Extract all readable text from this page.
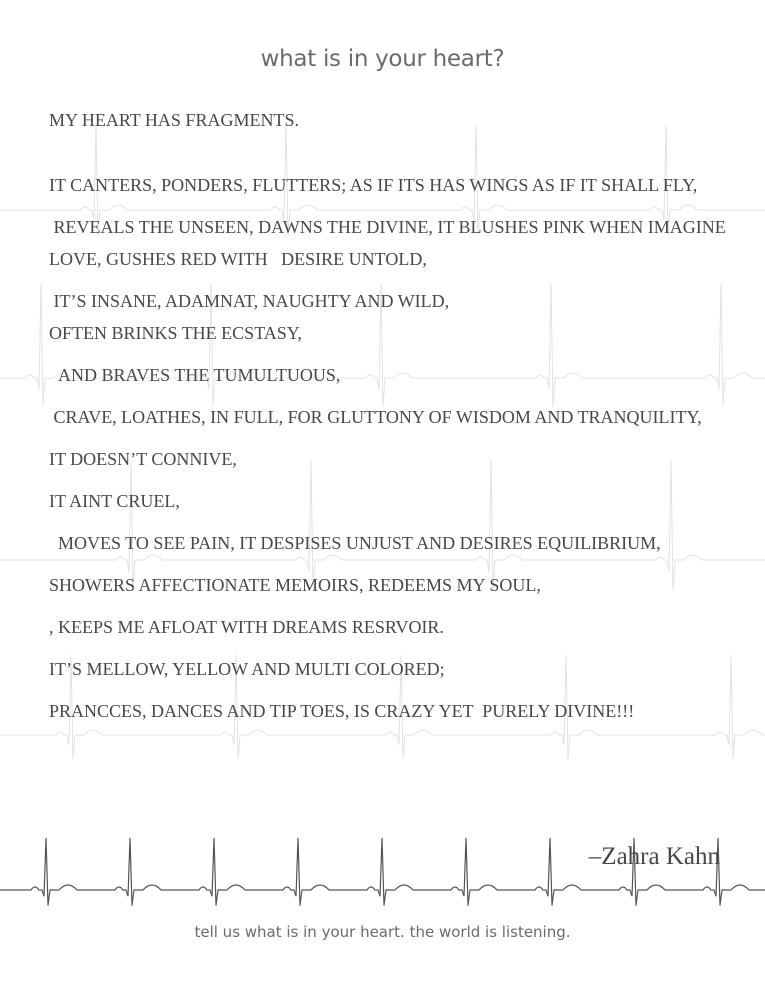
what is in your heart?

MY HEART HAS FRAGMENTS.

IT CANTERS, PONDERS, FLUTTERS; AS IF ITS HAS WINGS AS IF IT SHALL FLY,

REVEALS THE UNSEEN, DAWNS THE DIVINE, IT BLUSHES PINK WHEN IMAGINE LOVE, GUSHES RED WITH   DESIRE UNTOLD,

IT’S INSANE, ADAMNAT, NAUGHTY AND WILD,
OFTEN BRINKS THE ECSTASY,

AND BRAVES THE TUMULTUOUS,

CRAVE, LOATHES, IN FULL, FOR GLUTTONY OF WISDOM AND TRANQUILITY,

IT DOESN’T CONNIVE,

IT AINT CRUEL,

MOVES TO SEE PAIN, IT DESPISES UNJUST AND DESIRES EQUILIBRIUM,

SHOWERS AFFECTIONATE MEMOIRS, REDEEMS MY SOUL,

, KEEPS ME AFLOAT WITH DREAMS RESRVOIR.

IT’S MELLOW, YELLOW AND MULTI COLORED;

PRANCCES, DANCES AND TIP TOES, IS CRAZY YET  PURELY DIVINE!!!

–Zahra Kahn
tell us what is in your heart. the world is listening.
